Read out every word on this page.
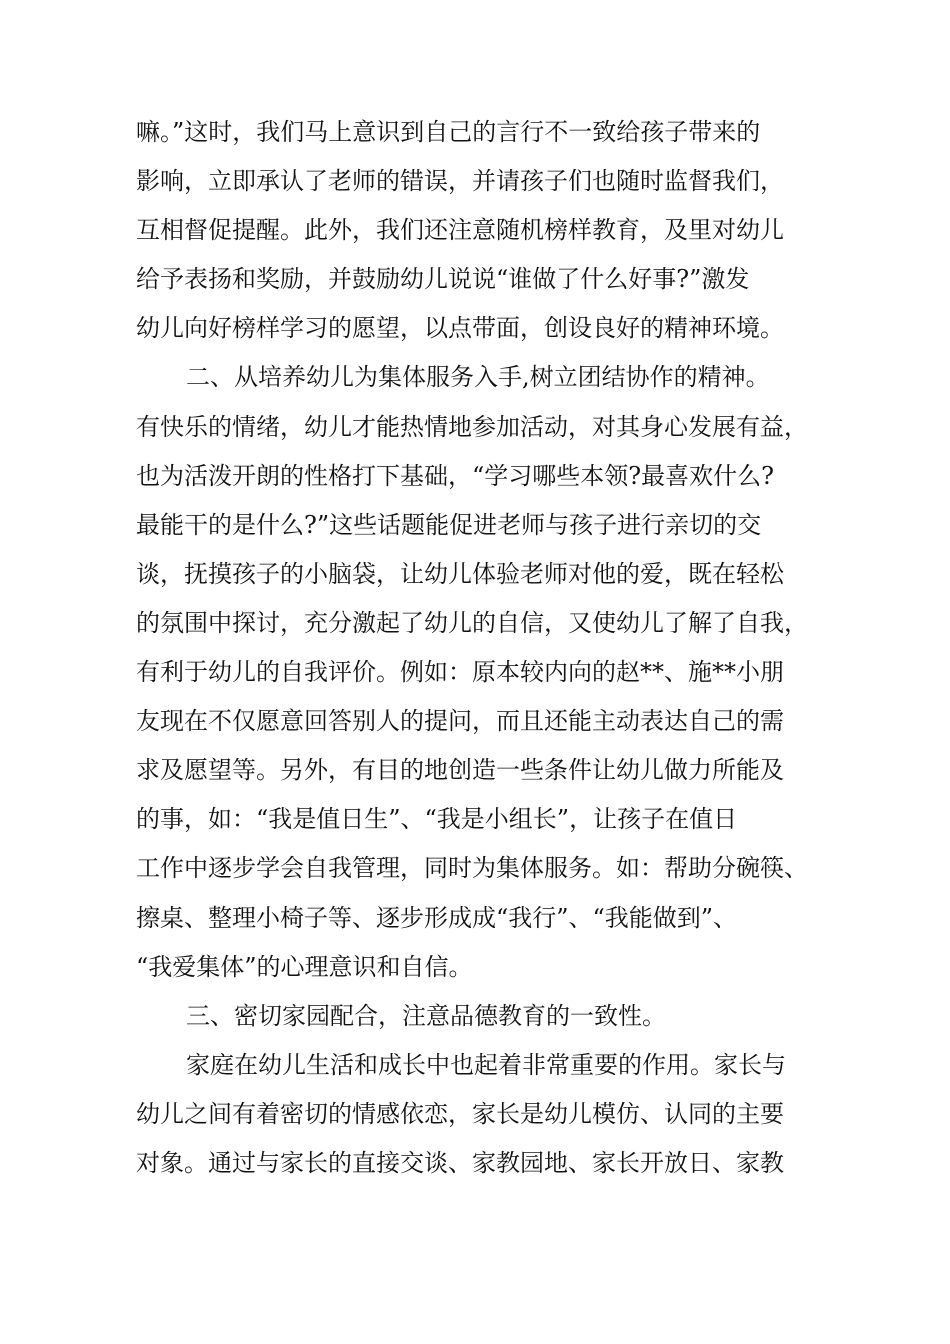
嘛。”这时，我们马上意识到自己的言行不一致给孩子带来的
影响，立即承认了老师的错误，并请孩子们也随时监督我们，
互相督促提醒。此外，我们还注意随机榜样教育，及里对幼儿
给予表扬和奖励，并鼓励幼儿说说“谁做了什么好事?”激发
幼儿向好榜样学习的愿望，以点带面，创设良好的精神环境。
二、从培养幼儿为集体服务入手,树立团结协作的精神。
有快乐的情绪，幼儿才能热情地参加活动，对其身心发展有益，
也为活泼开朗的性格打下基础，“学习哪些本领?最喜欢什么?
最能干的是什么?”这些话题能促进老师与孩子进行亲切的交
谈，抚摸孩子的小脑袋，让幼儿体验老师对他的爱，既在轻松
的氛围中探讨，充分激起了幼儿的自信，又使幼儿了解了自我，
有利于幼儿的自我评价。例如：原本较内向的赵**、施**小朋
友现在不仅愿意回答别人的提问，而且还能主动表达自己的需
求及愿望等。另外，有目的地创造一些条件让幼儿做力所能及
的事，如：“我是值日生”、“我是小组长”，让孩子在值日
工作中逐步学会自我管理，同时为集体服务。如：帮助分碗筷、
擦桌、整理小椅子等、逐步形成成“我行”、“我能做到”、
“我爱集体”的心理意识和自信。
三、密切家园配合，注意品德教育的一致性。
家庭在幼儿生活和成长中也起着非常重要的作用。家长与
幼儿之间有着密切的情感依恋，家长是幼儿模仿、认同的主要
对象。通过与家长的直接交谈、家教园地、家长开放日、家教
